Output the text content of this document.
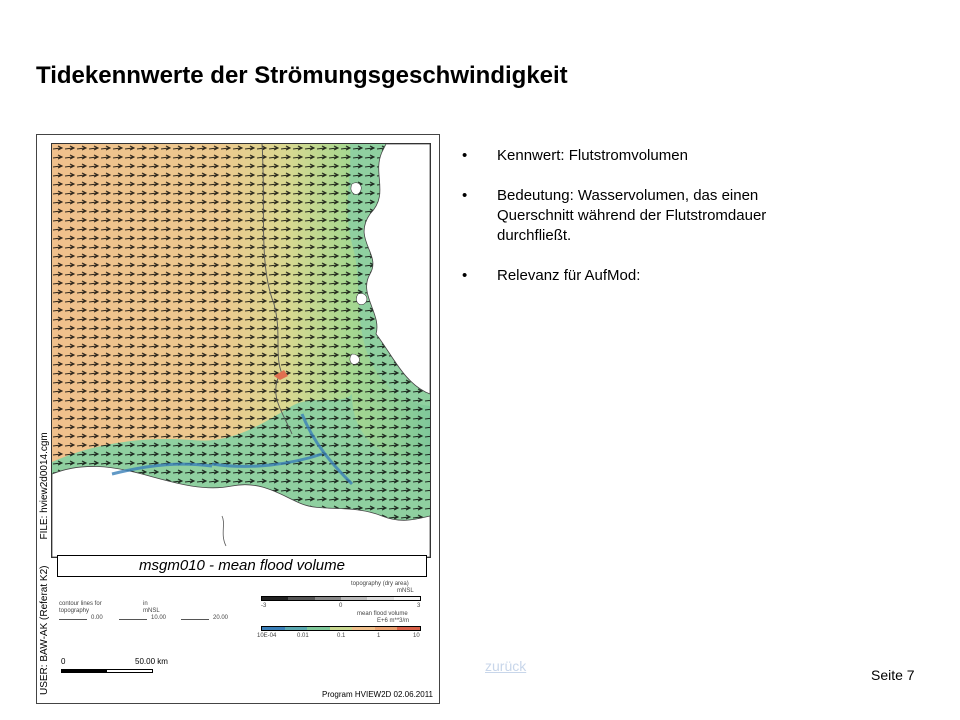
Tidekennwerte der Strömungsgeschwindigkeit
USER: BAW-AK (Referat K2)FILE: hview2d0014.cgm
msgm010 - mean flood volume
contour lines for
topography
in
mNSL
0.00	10.00	20.00
topography (dry area)
mNSL
-3	0	3
mean flood volume
E+6 m**3/m
10E-04	0.01	0.1	1	10
0	50.00 km
Program HVIEW2D 02.06.2011
• Kennwert: Flutstromvolumen
• Bedeutung: Wasservolumen, das einen Querschnitt während der Flutstromdauer durchfließt.
• Relevanz für AufMod:
zurück
Seite 7
